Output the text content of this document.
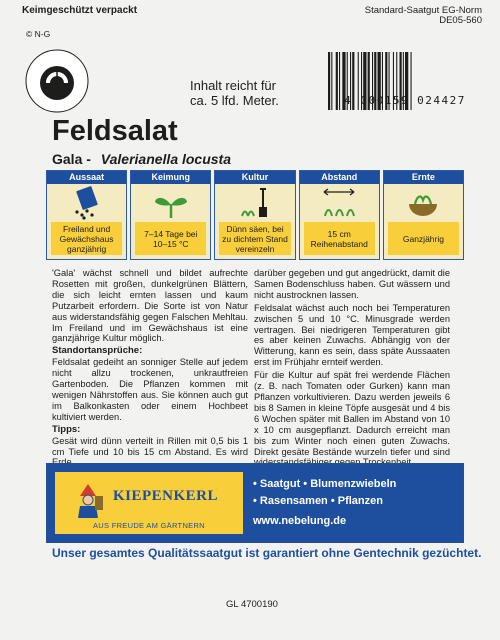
Keimgeschützt verpackt	Standard-Saatgut EG-Norm
DE05-560
© N-G
Inhalt reicht für
ca. 5 lfd. Meter.	4 000159 024427
Feldsalat
Gala - Valerianella locusta
Aussaat
Freiland und Gewächshaus ganzjährig
Keimung
7–14 Tage bei 10–15 °C
Kultur
Dünn säen, bei zu dichtem Stand vereinzeln
Abstand
15 cm Reihenabstand
Ernte
Ganzjährig

'Gala' wächst schnell und bildet aufrechte Rosetten mit großen, dunkelgrünen Blättern, die sich leicht ernten lassen und kaum Putzarbeit erfordern. Die Sorte ist von Natur aus widerstandsfähig gegen Falschen Mehltau. Im Freiland und im Gewächshaus ist eine ganzjährige Kultur möglich.

Standortansprüche:

Feldsalat gedeiht an sonniger Stelle auf jedem nicht allzu trockenen, unkrautfreien Gartenboden. Die Pflanzen kommen mit wenigen Nährstoffen aus. Sie können auch gut im Balkonkasten oder einem Hochbeet kultiviert werden.

Tipps:

Gesät wird dünn verteilt in Rillen mit 0,5 bis 1 cm Tiefe und 10 bis 15 cm Abstand. Es wird

darüber gegeben und gut angedrückt, damit die Samen Bodenschluss haben. Gut wässern und nicht austrocknen lassen.

Feldsalat wächst auch noch bei Temperaturen zwischen 5 und 10 °C. Minusgrade werden vertragen. Bei niedrigeren Temperaturen gibt es aber keinen Zuwachs. Abhängig von der Witterung, kann es sein, dass späte Aussaaten erst im Frühjahr ernteif werden.

Für die Kultur auf spät frei werdende Flächen (z. B. nach Tomaten oder Gurken) kann man Pflanzen vorkultivieren. Dazu werden jeweils 6 bis 8 Samen in kleine Töpfe ausgesät und 4 bis 6 Wochen später mit Ballen im Abstand von 10 x 10 cm ausgepflanzt. Dadurch erreicht man bis zum Winter noch einen guten Zuwachs. Direkt gesäte Bestände wurzeln tiefer und sind

KIEPENKERL
AUS FREUDE AM GÄRTNERN
• Saatgut • Blumenzwiebeln
• Rasensamen • Pflanzen
www.nebelung.de
Unser gesamtes Qualitätssaatgut ist garantiert ohne Gentechnik gezüchtet.
GL 4700190
